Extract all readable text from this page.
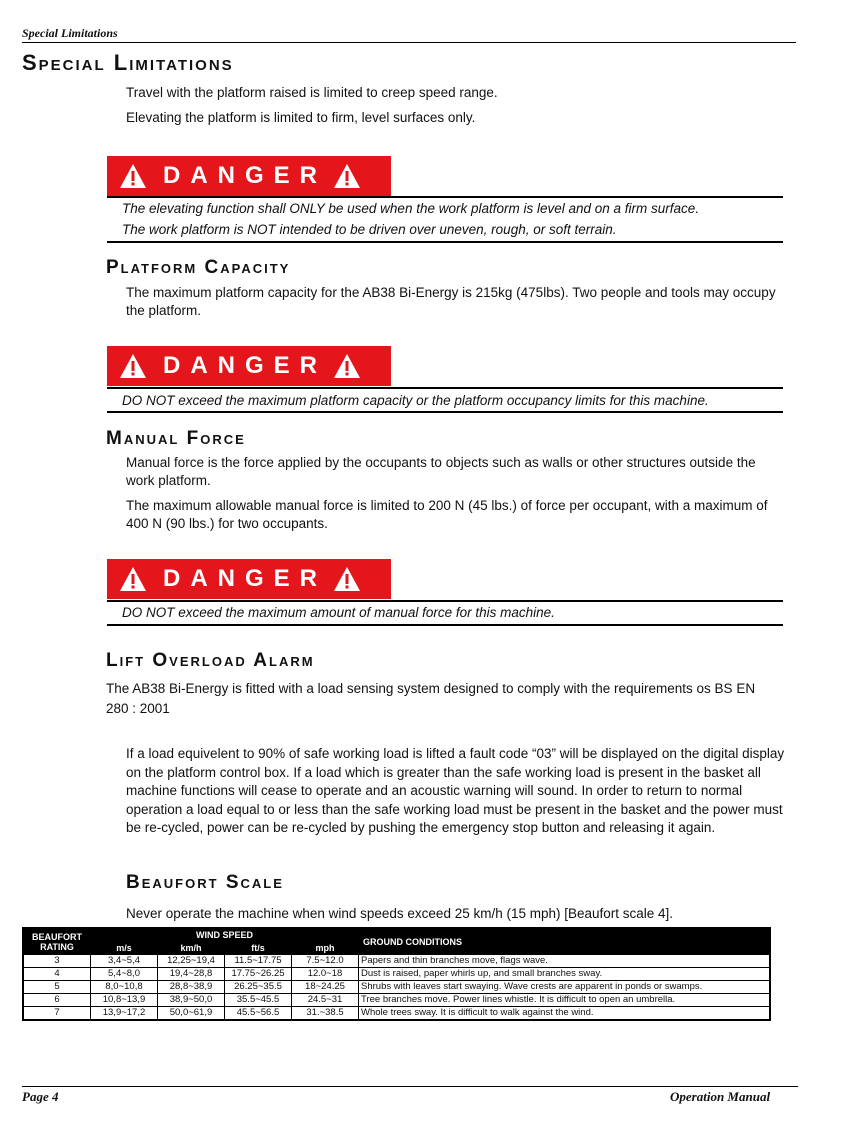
Special Limitations
Special Limitations
Travel with the platform raised is limited to creep speed range.
Elevating the platform is limited to firm, level surfaces only.
DANGER
The elevating function shall ONLY be used when the work platform is level and on a firm surface.
The work platform is NOT intended to be driven over uneven, rough, or soft terrain.
Platform Capacity
The maximum platform capacity for the AB38 Bi-Energy is 215kg (475lbs). Two people and tools may occupy the platform.
DANGER
DO NOT exceed the maximum platform capacity or the platform occupancy limits for this machine.
Manual Force
Manual force is the force applied by the occupants to objects such as walls or other structures outside the work platform.
The maximum allowable manual force is limited to 200 N (45 lbs.) of force per occupant, with a maximum of 400 N (90 lbs.) for two occupants.
DANGER
DO NOT exceed the maximum amount of manual force for this machine.
Lift Overload Alarm
The AB38 Bi-Energy is fitted with a load sensing system designed to comply with the requirements os BS EN 280 : 2001
If a load equivelent to 90% of safe working load is lifted a fault code “03” will be displayed on the digital display on the platform control box. If a load which is greater than the safe working load is present in the basket all machine functions will cease to operate and an acoustic warning will sound. In order to return to normal operation a load equal to or less than the safe working load must be present in the basket and the power must be re-cycled, power can be re-cycled by pushing the emergency stop button and releasing it again.
Beaufort Scale
Never operate the machine when wind speeds exceed 25 km/h (15 mph) [Beaufort scale 4].
BEAUFORT
RATING	WIND SPEED				GROUND CONDITIONS
	m/s	km/h	ft/s	mph	
3	3,4~5,4	12,25~19,4	11.5~17.75	7.5~12.0	Papers and thin branches move, flags wave.
4	5,4~8,0	19,4~28,8	17.75~26.25	12.0~18	Dust is raised, paper whirls up, and small branches sway.
5	8,0~10,8	28,8~38,9	26.25~35.5	18~24.25	Shrubs with leaves start swaying. Wave crests are apparent in ponds or swamps.
6	10,8~13,9	38,9~50,0	35.5~45.5	24.5~31	Tree branches move. Power lines whistle. It is difficult to open an umbrella.
7	13,9~17,2	50,0~61,9	45.5~56.5	31.~38.5	Whole trees sway. It is difficult to walk against the wind.
Page 4	Operation Manual
